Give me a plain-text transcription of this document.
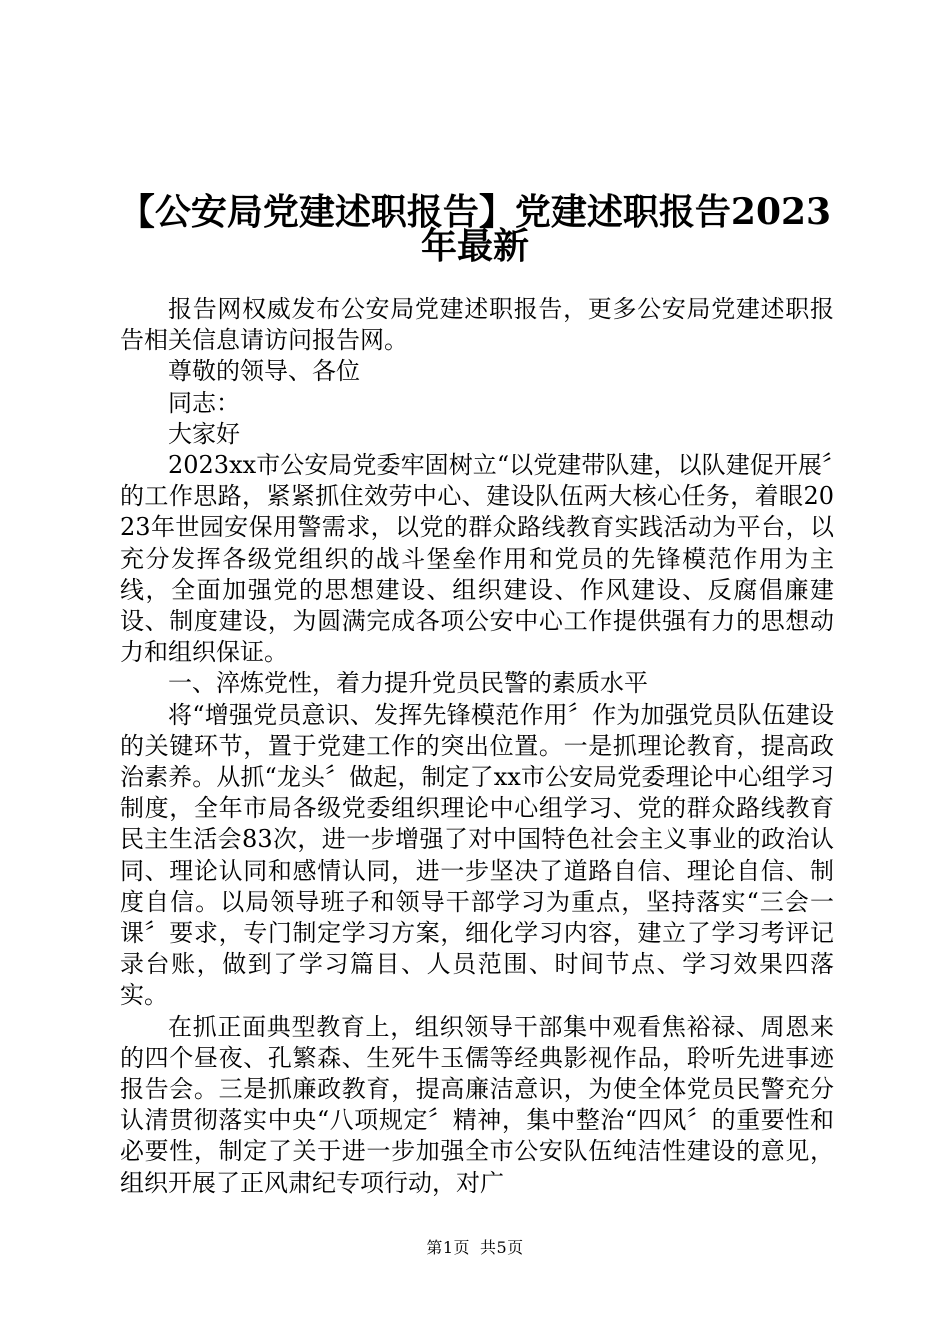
【公安局党建述职报告】党建述职报告2023
年最新

报告网权威发布公安局党建述职报告，更多公安局党建述职报告相关信息请访问报告网。

尊敬的领导、各位

同志：

大家好

2023xx市公安局党委牢固树立“以党建带队建，以队建促开展〞的工作思路，紧紧抓住效劳中心、建设队伍两大核心任务，着眼2023年世园安保用警需求，以党的群众路线教育实践活动为平台，以充分发挥各级党组织的战斗堡垒作用和党员的先锋模范作用为主线，全面加强党的思想建设、组织建设、作风建设、反腐倡廉建设、制度建设，为圆满完成各项公安中心工作提供强有力的思想动力和组织保证。

一、淬炼党性，着力提升党员民警的素质水平

将“增强党员意识、发挥先锋模范作用〞作为加强党员队伍建设的关键环节，置于党建工作的突出位置。一是抓理论教育，提高政治素养。从抓“龙头〞做起，制定了xx市公安局党委理论中心组学习制度，全年市局各级党委组织理论中心组学习、党的群众路线教育民主生活会83次，进一步增强了对中国特色社会主义事业的政治认同、理论认同和感情认同，进一步坚决了道路自信、理论自信、制度自信。以局领导班子和领导干部学习为重点，坚持落实“三会一课〞要求，专门制定学习方案，细化学习内容，建立了学习考评记录台账，做到了学习篇目、人员范围、时间节点、学习效果四落实。

在抓正面典型教育上，组织领导干部集中观看焦裕禄、周恩来的四个昼夜、孔繁森、生死牛玉儒等经典影视作品，聆听先进事迹报告会。三是抓廉政教育，提高廉洁意识，为使全体党员民警充分认清贯彻落实中央“八项规定〞精神，集中整治“四风〞的重要性和必要性，制定了关于进一步加强全市公安队伍纯洁性建设的意见，组织开展了正风肃纪专项行动，对广

第1页 共5页
